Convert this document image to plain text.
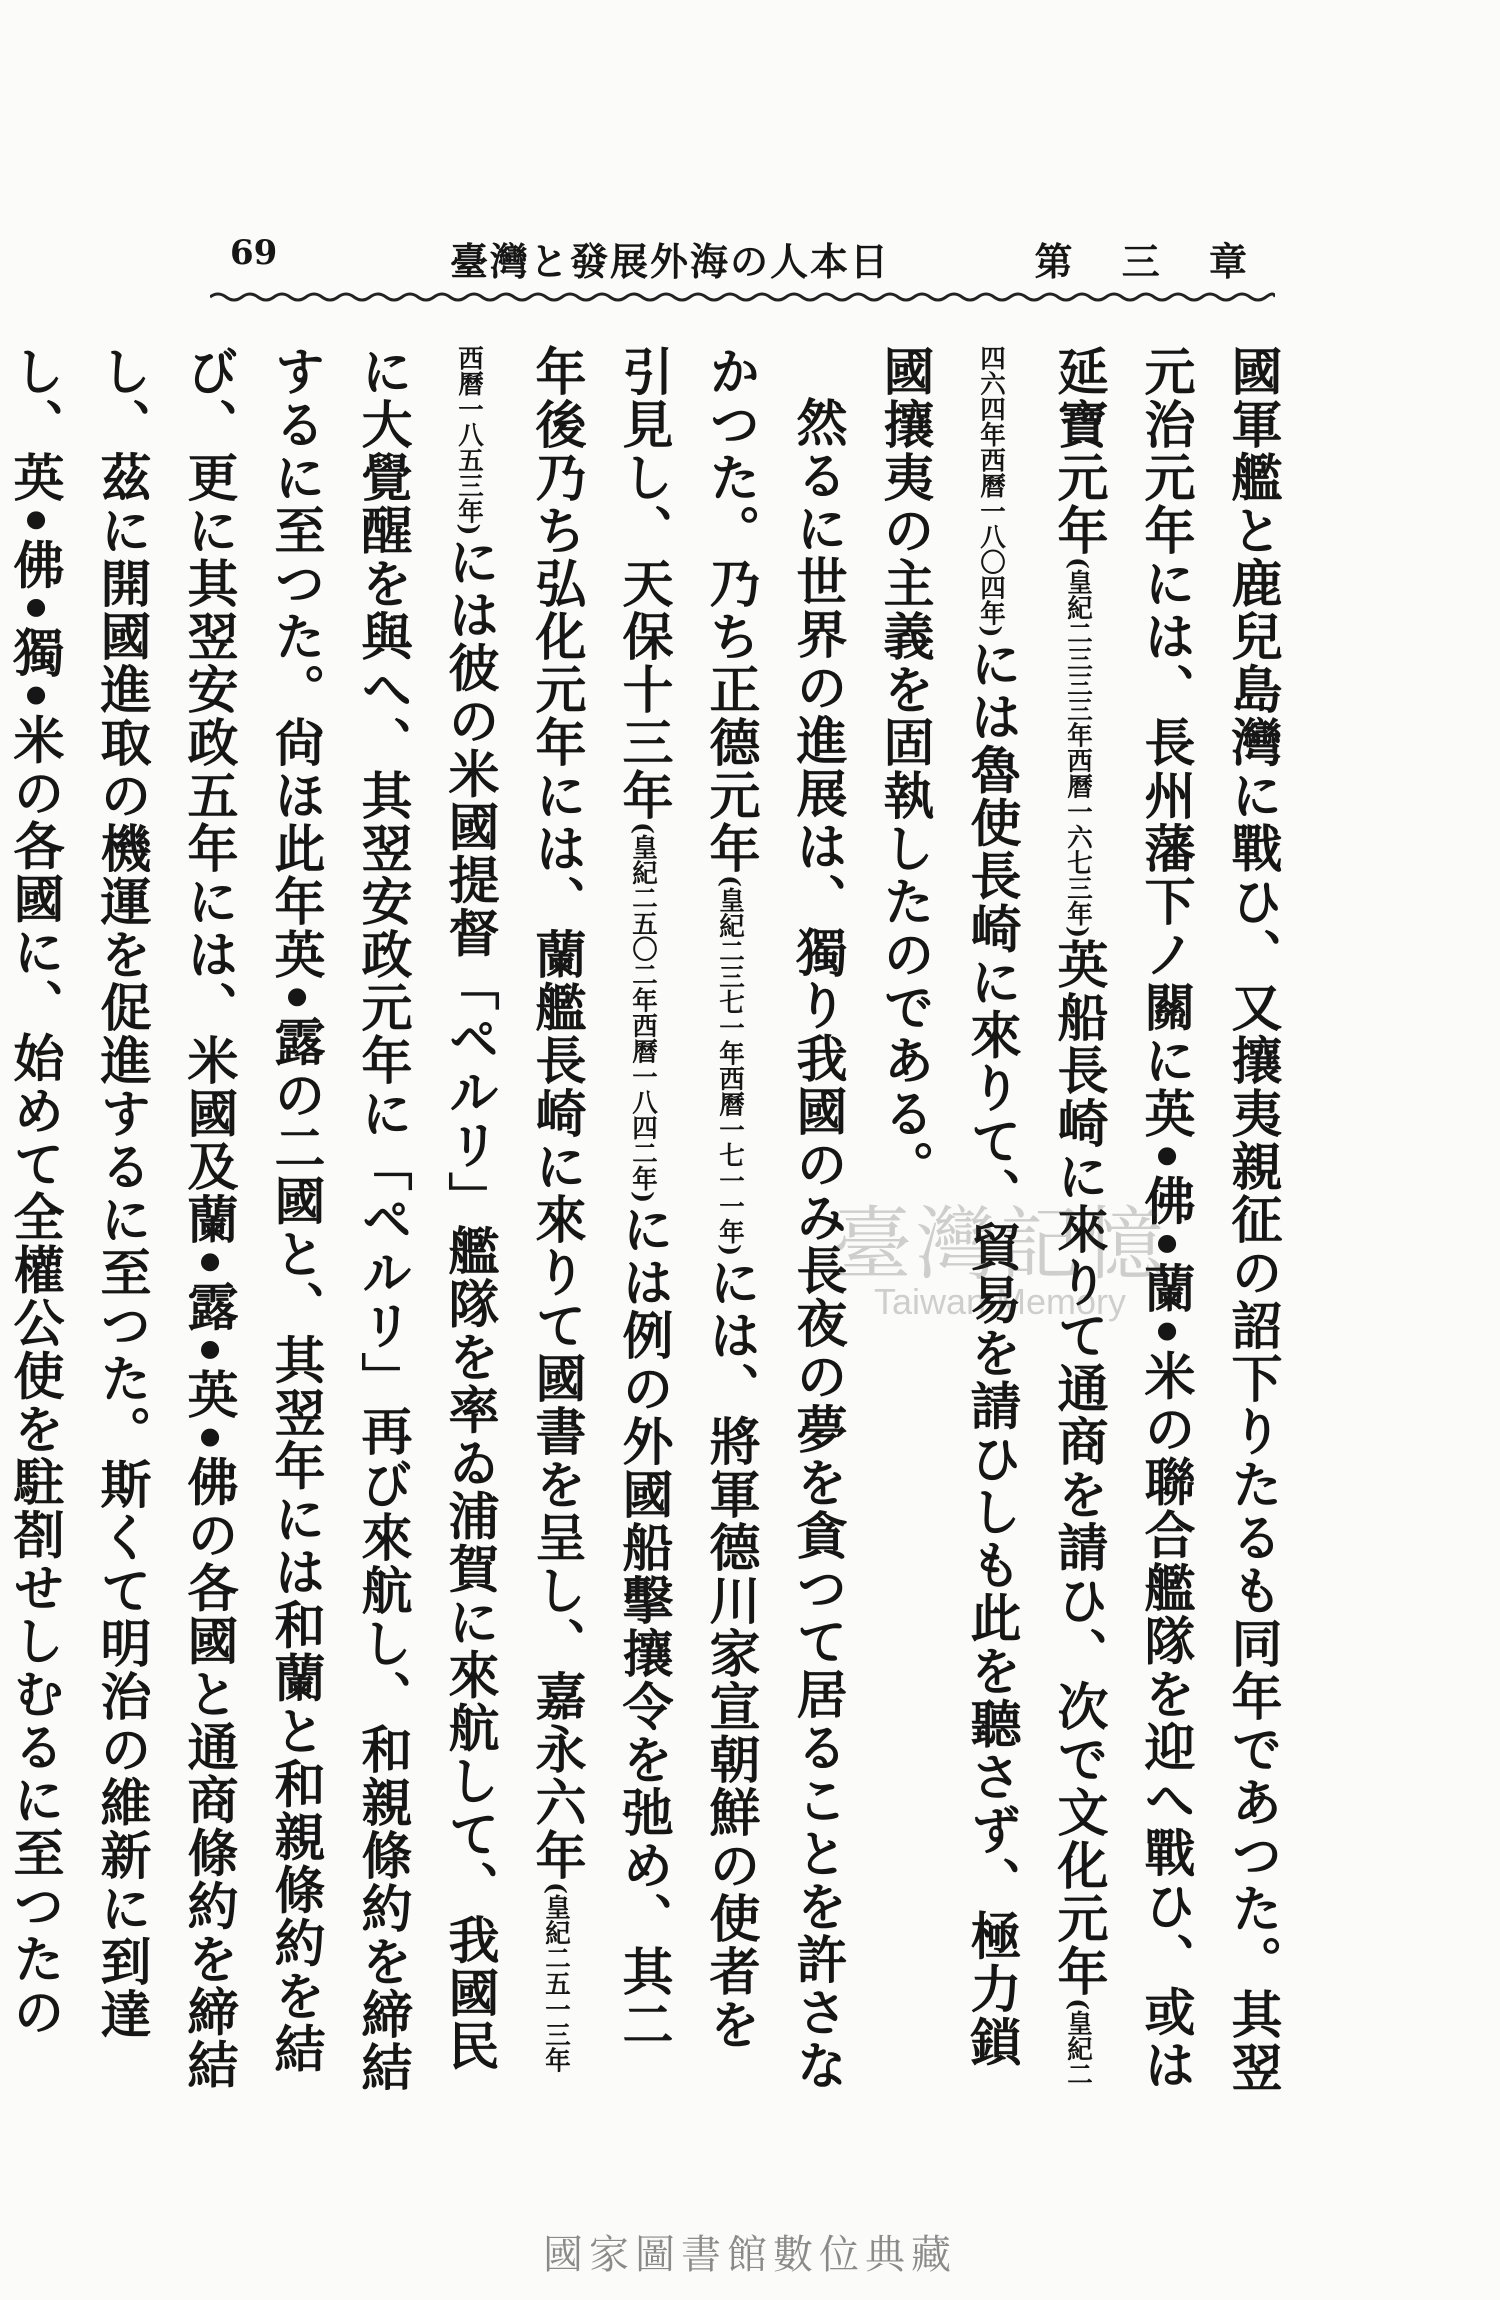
69	臺灣と發展外海の人本日	第 三 章

國軍艦と鹿兒島灣に戰ひ、又攘夷親征の詔下りたるも同年であつた。其翌元治元年には、長州藩下ノ關に英•佛•蘭•米の聯合艦隊を迎へ戰ひ、或は延寶元年(皇紀二三三三年西曆一六七三年)英船長崎に來りて通商を請ひ、次で文化元年(皇紀二四六四年西曆一八〇四年)には魯使長崎に來りて、貿易を請ひしも此を聽さず、極力鎖國攘夷の主義を固執したのである。

然るに世界の進展は、獨り我國のみ長夜の夢を貪つて居ることを許さなかつた。乃ち正德元年(皇紀二三七一年西曆一七一一年)には、將軍德川家宣朝鮮の使者を引見し、天保十三年(皇紀二五〇二年西曆一八四二年)には例の外國船擊攘令を弛め、其二年後乃ち弘化元年には、蘭艦長崎に來りて國書を呈し、嘉永六年(皇紀二五一三年西曆一八五三年)には彼の米國提督「ペルリ」艦隊を率ゐ浦賀に來航して、我國民に大覺醒を與へ、其翌安政元年に「ペルリ」再び來航し、和親條約を締結するに至つた。尙ほ此年英•露の二國と、其翌年には和蘭と和親條約を結び、更に其翌安政五年には、米國及蘭•露•英•佛の各國と通商條約を締結し、茲に開國進取の機運を促進するに至つた。斯くて明治の維新に到達し、英•佛•獨•米の各國に、始めて全權公使を駐剳せしむるに至つたの

臺灣記憶
Taiwan Memory
國家圖書館數位典藏
